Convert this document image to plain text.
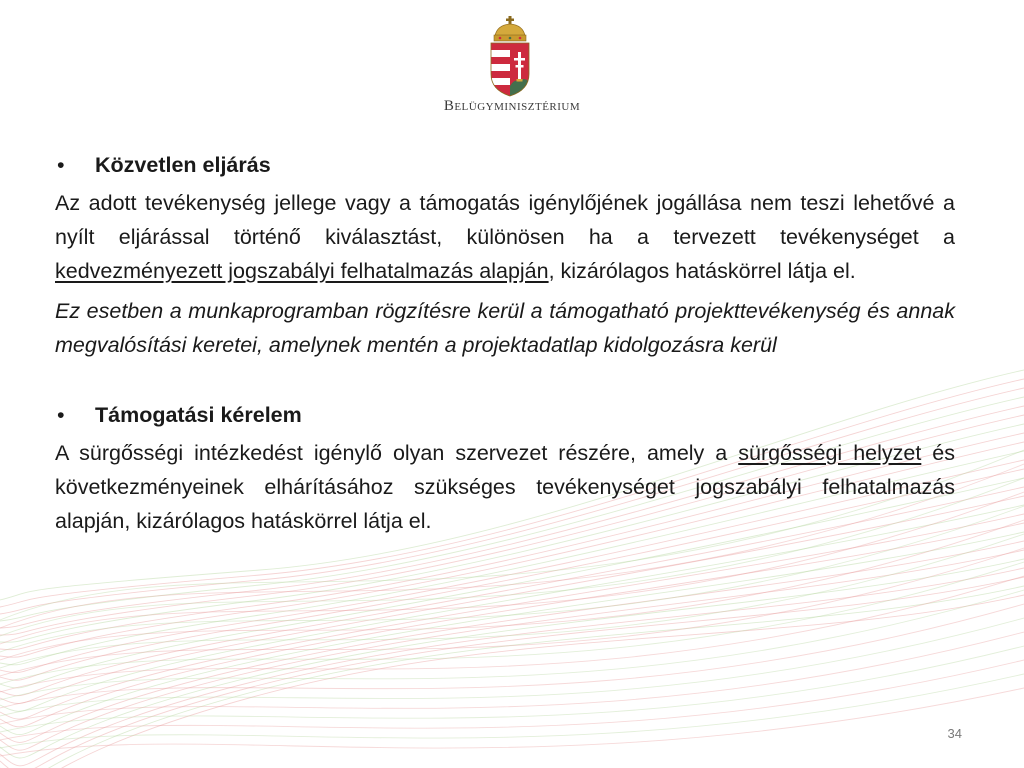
Belügyminisztérium
• Közvetlen eljárás

Az adott tevékenység jellege vagy a támogatás igénylőjének jogállása nem teszi lehetővé a nyílt eljárással történő kiválasztást, különösen ha a tervezett tevékenységet a kedvezményezett jogszabályi felhatalmazás alapján, kizárólagos hatáskörrel látja el.

Ez esetben a munkaprogramban rögzítésre kerül a támogatható projekttevékenység és annak megvalósítási keretei, amelynek mentén a projektadatlap kidolgozásra kerül

• Támogatási kérelem

A sürgősségi intézkedést igénylő olyan szervezet részére, amely a sürgősségi helyzet és következményeinek elhárításához szükséges tevékenységet jogszabályi felhatalmazás alapján, kizárólagos hatáskörrel látja el.

34
